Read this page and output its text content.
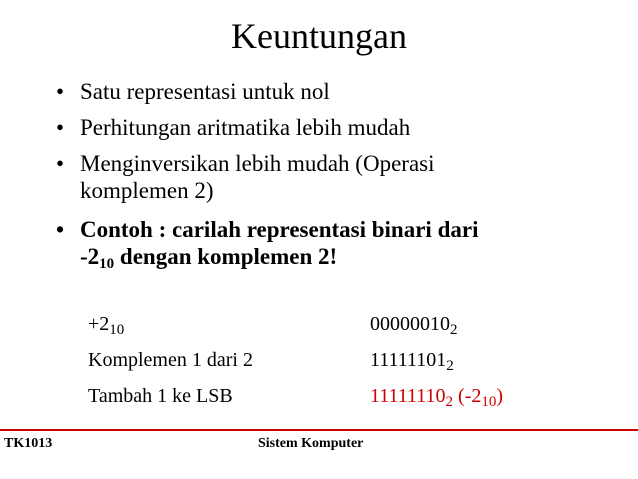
Keuntungan
• Satu representasi untuk nol
• Perhitungan aritmatika lebih mudah
• Menginversikan lebih mudah (Operasi
komplemen 2)
• Contoh : carilah representasi binari dari
$-2_{10}$ dengan komplemen 2!
$+2_{10}$	$00000010_2$
Komplemen 1 dari 2	$11111101_2$
Tambah 1 ke LSB	$11111110_2$ $(-2_{10})$
TK1013	Sistem Komputer
